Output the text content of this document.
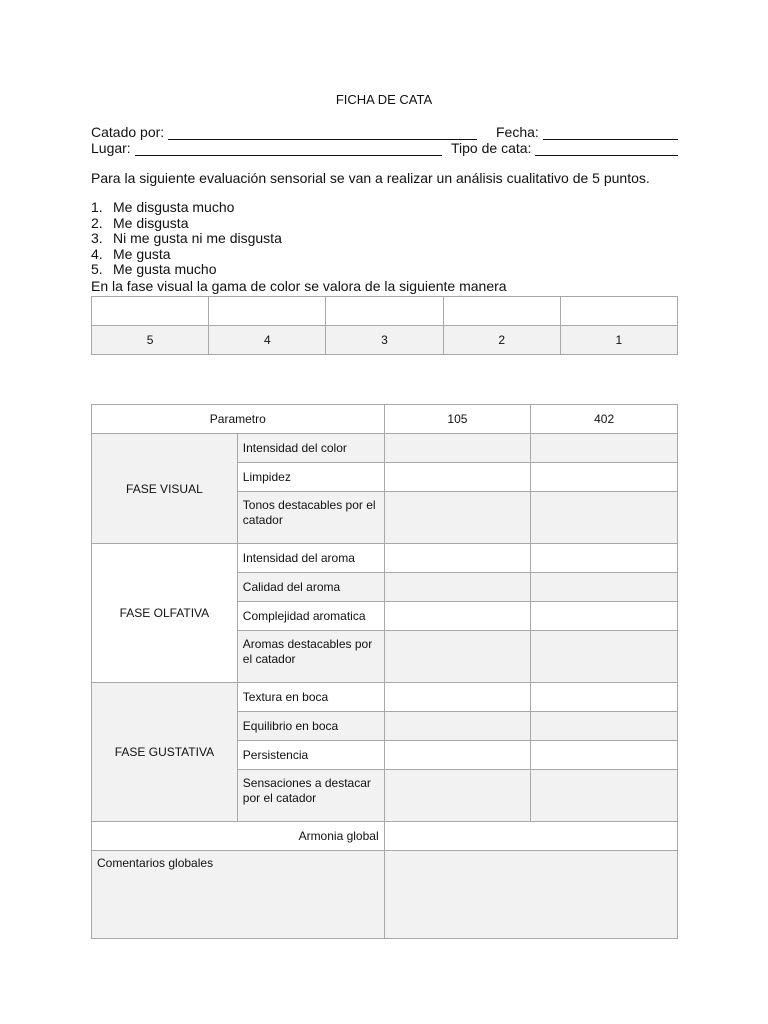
FICHA DE CATA
Catado por:	Fecha:
Lugar:	Tipo de cata:
Para la siguiente evaluación sensorial se van a realizar un análisis cualitativo de 5 puntos.
1. Me disgusta mucho
2. Me disgusta
3. Ni me gusta ni me disgusta
4. Me gusta
5. Me gusta mucho
En la fase visual la gama de color se valora de la siguiente manera

5	4	3	2	1
Parametro		105	402
FASE VISUAL	Intensidad del color		
	Limpidez		
	Tonos destacables por el catador		
FASE OLFATIVA	Intensidad del aroma		
	Calidad del aroma		
	Complejidad aromatica		
	Aromas destacables por el catador		
FASE GUSTATIVA	Textura en boca		
	Equilibrio en boca		
	Persistencia		
	Sensaciones a destacar por el catador		
Armonia global			
Comentarios globales			
